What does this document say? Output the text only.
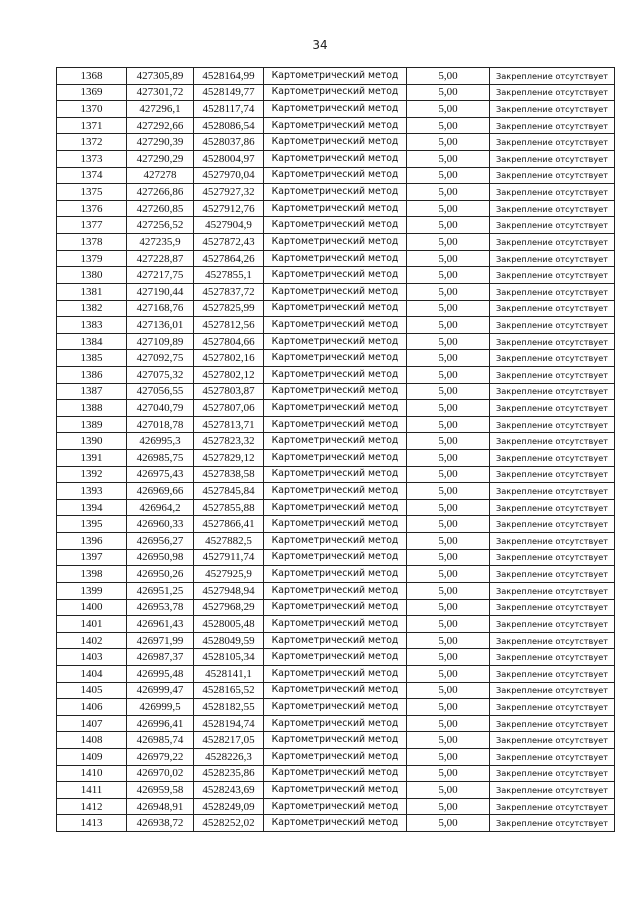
34
1368	427305,89	4528164,99	Картометрический метод	5,00	Закрепление отсутствует
1369	427301,72	4528149,77	Картометрический метод	5,00	Закрепление отсутствует
1370	427296,1	4528117,74	Картометрический метод	5,00	Закрепление отсутствует
1371	427292,66	4528086,54	Картометрический метод	5,00	Закрепление отсутствует
1372	427290,39	4528037,86	Картометрический метод	5,00	Закрепление отсутствует
1373	427290,29	4528004,97	Картометрический метод	5,00	Закрепление отсутствует
1374	427278	4527970,04	Картометрический метод	5,00	Закрепление отсутствует
1375	427266,86	4527927,32	Картометрический метод	5,00	Закрепление отсутствует
1376	427260,85	4527912,76	Картометрический метод	5,00	Закрепление отсутствует
1377	427256,52	4527904,9	Картометрический метод	5,00	Закрепление отсутствует
1378	427235,9	4527872,43	Картометрический метод	5,00	Закрепление отсутствует
1379	427228,87	4527864,26	Картометрический метод	5,00	Закрепление отсутствует
1380	427217,75	4527855,1	Картометрический метод	5,00	Закрепление отсутствует
1381	427190,44	4527837,72	Картометрический метод	5,00	Закрепление отсутствует
1382	427168,76	4527825,99	Картометрический метод	5,00	Закрепление отсутствует
1383	427136,01	4527812,56	Картометрический метод	5,00	Закрепление отсутствует
1384	427109,89	4527804,66	Картометрический метод	5,00	Закрепление отсутствует
1385	427092,75	4527802,16	Картометрический метод	5,00	Закрепление отсутствует
1386	427075,32	4527802,12	Картометрический метод	5,00	Закрепление отсутствует
1387	427056,55	4527803,87	Картометрический метод	5,00	Закрепление отсутствует
1388	427040,79	4527807,06	Картометрический метод	5,00	Закрепление отсутствует
1389	427018,78	4527813,71	Картометрический метод	5,00	Закрепление отсутствует
1390	426995,3	4527823,32	Картометрический метод	5,00	Закрепление отсутствует
1391	426985,75	4527829,12	Картометрический метод	5,00	Закрепление отсутствует
1392	426975,43	4527838,58	Картометрический метод	5,00	Закрепление отсутствует
1393	426969,66	4527845,84	Картометрический метод	5,00	Закрепление отсутствует
1394	426964,2	4527855,88	Картометрический метод	5,00	Закрепление отсутствует
1395	426960,33	4527866,41	Картометрический метод	5,00	Закрепление отсутствует
1396	426956,27	4527882,5	Картометрический метод	5,00	Закрепление отсутствует
1397	426950,98	4527911,74	Картометрический метод	5,00	Закрепление отсутствует
1398	426950,26	4527925,9	Картометрический метод	5,00	Закрепление отсутствует
1399	426951,25	4527948,94	Картометрический метод	5,00	Закрепление отсутствует
1400	426953,78	4527968,29	Картометрический метод	5,00	Закрепление отсутствует
1401	426961,43	4528005,48	Картометрический метод	5,00	Закрепление отсутствует
1402	426971,99	4528049,59	Картометрический метод	5,00	Закрепление отсутствует
1403	426987,37	4528105,34	Картометрический метод	5,00	Закрепление отсутствует
1404	426995,48	4528141,1	Картометрический метод	5,00	Закрепление отсутствует
1405	426999,47	4528165,52	Картометрический метод	5,00	Закрепление отсутствует
1406	426999,5	4528182,55	Картометрический метод	5,00	Закрепление отсутствует
1407	426996,41	4528194,74	Картометрический метод	5,00	Закрепление отсутствует
1408	426985,74	4528217,05	Картометрический метод	5,00	Закрепление отсутствует
1409	426979,22	4528226,3	Картометрический метод	5,00	Закрепление отсутствует
1410	426970,02	4528235,86	Картометрический метод	5,00	Закрепление отсутствует
1411	426959,58	4528243,69	Картометрический метод	5,00	Закрепление отсутствует
1412	426948,91	4528249,09	Картометрический метод	5,00	Закрепление отсутствует
1413	426938,72	4528252,02	Картометрический метод	5,00	Закрепление отсутствует
